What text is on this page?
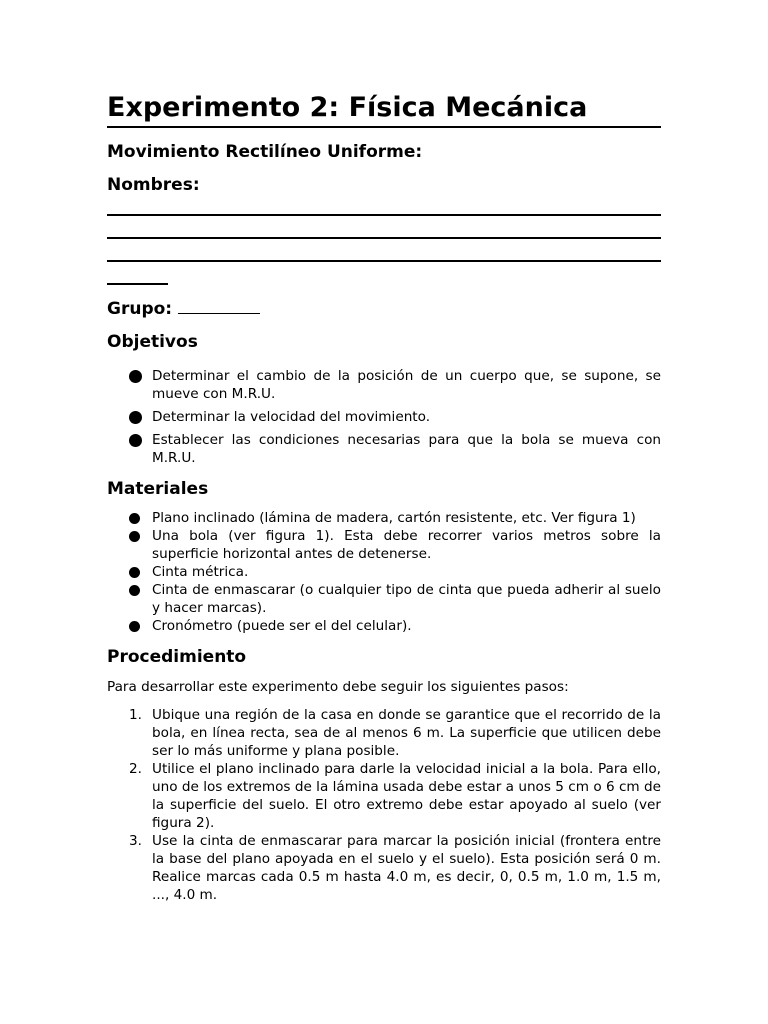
Experimento 2: Física Mecánica
Movimiento Rectilíneo Uniforme:
Nombres:
Grupo:
Objetivos
Determinar el cambio de la posición de un cuerpo que, se supone, se mueve con M.R.U.
Determinar la velocidad del movimiento.
Establecer las condiciones necesarias para que la bola se mueva con M.R.U.
Materiales
Plano inclinado (lámina de madera, cartón resistente, etc. Ver figura 1)
Una bola (ver figura 1). Esta debe recorrer varios metros sobre la superficie horizontal antes de detenerse.
Cinta métrica.
Cinta de enmascarar (o cualquier tipo de cinta que pueda adherir al suelo y hacer marcas).
Cronómetro (puede ser el del celular).
Procedimiento
Para desarrollar este experimento debe seguir los siguientes pasos:
1. Ubique una región de la casa en donde se garantice que el recorrido de la bola, en línea recta, sea de al menos 6 m. La superficie que utilicen debe ser lo más uniforme y plana posible.
2. Utilice el plano inclinado para darle la velocidad inicial a la bola. Para ello, uno de los extremos de la lámina usada debe estar a unos 5 cm o 6 cm de la superficie del suelo. El otro extremo debe estar apoyado al suelo (ver figura 2).
3. Use la cinta de enmascarar para marcar la posición inicial (frontera entre la base del plano apoyada en el suelo y el suelo). Esta posición será 0 m. Realice marcas cada 0.5 m hasta 4.0 m, es decir, 0, 0.5 m, 1.0 m, 1.5 m, ..., 4.0 m.
